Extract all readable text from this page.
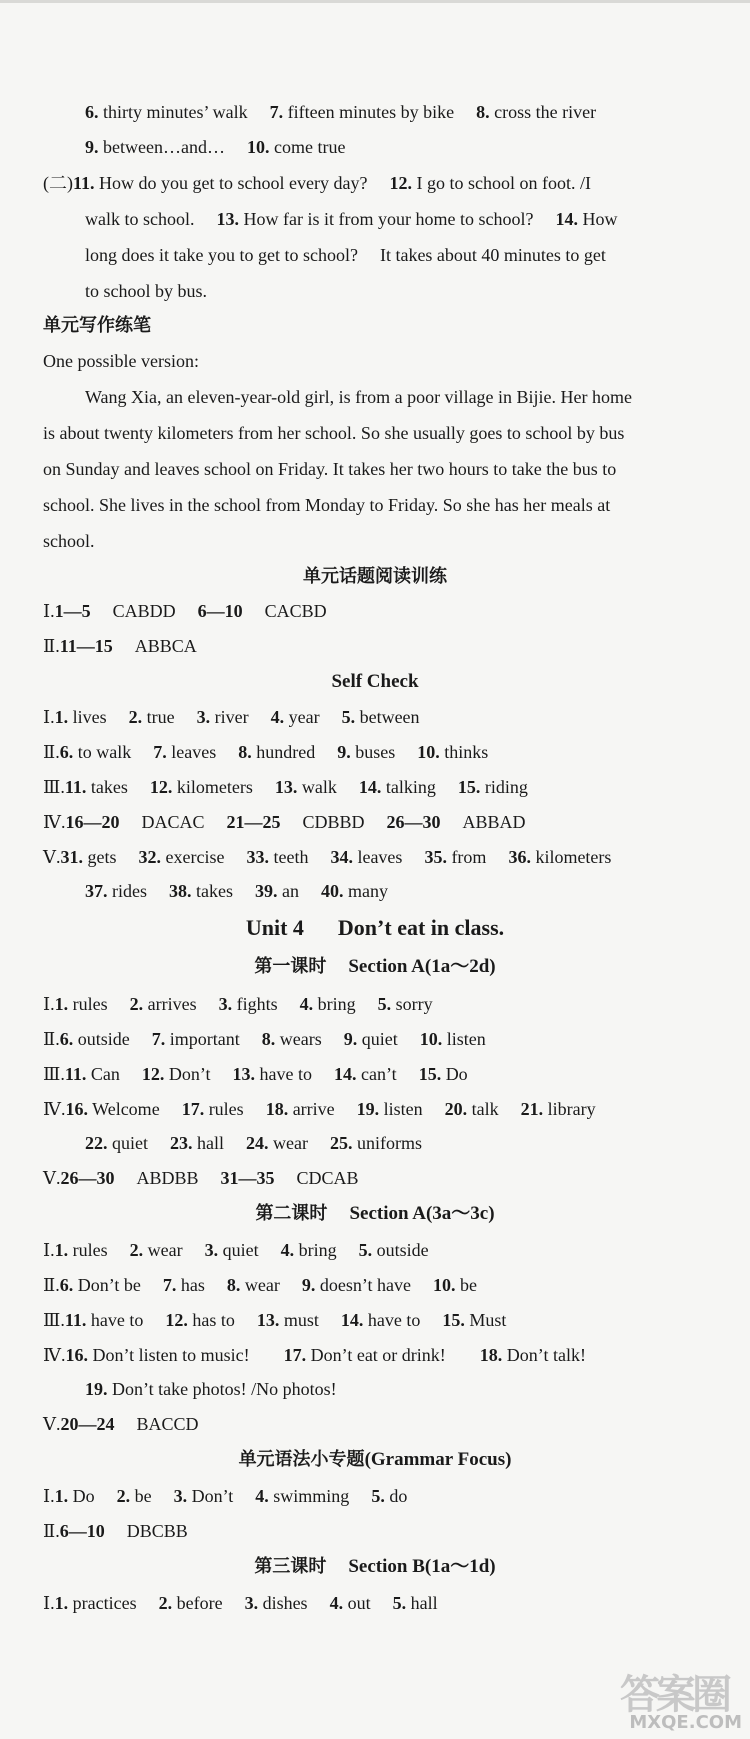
6. thirty minutes’ walk 7. fifteen minutes by bike 8. cross the river
9. between…and… 10. come true
(二)11. How do you get to school every day? 12. I go to school on foot. /I
walk to school. 13. How far is it from your home to school? 14. How
long does it take you to get to school? It takes about 40 minutes to get
to school by bus.
单元写作练笔
One possible version:
Wang Xia, an eleven-year-old girl, is from a poor village in Bijie. Her home
is about twenty kilometers from her school. So she usually goes to school by bus
on Sunday and leaves school on Friday. It takes her two hours to take the bus to
school. She lives in the school from Monday to Friday. So she has her meals at
school.
单元话题阅读训练
Ⅰ.1—5 CABDD 6—10 CACBD
Ⅱ.11—15 ABBCA
Self Check
Ⅰ.1. lives 2. true 3. river 4. year 5. between
Ⅱ.6. to walk 7. leaves 8. hundred 9. buses 10. thinks
Ⅲ.11. takes 12. kilometers 13. walk 14. talking 15. riding
Ⅳ.16—20 DACAC 21—25 CDBBD 26—30 ABBAD
Ⅴ.31. gets 32. exercise 33. teeth 34. leaves 35. from 36. kilometers
37. rides 38. takes 39. an 40. many
Unit 4 Don’t eat in class.
第一课时 Section A(1a～2d)
Ⅰ.1. rules 2. arrives 3. fights 4. bring 5. sorry
Ⅱ.6. outside 7. important 8. wears 9. quiet 10. listen
Ⅲ.11. Can 12. Don’t 13. have to 14. can’t 15. Do
Ⅳ.16. Welcome 17. rules 18. arrive 19. listen 20. talk 21. library
22. quiet 23. hall 24. wear 25. uniforms
Ⅴ.26—30 ABDBB 31—35 CDCAB
第二课时 Section A(3a～3c)
Ⅰ.1. rules 2. wear 3. quiet 4. bring 5. outside
Ⅱ.6. Don’t be 7. has 8. wear 9. doesn’t have 10. be
Ⅲ.11. have to 12. has to 13. must 14. have to 15. Must
Ⅳ.16. Don’t listen to music! 17. Don’t eat or drink! 18. Don’t talk!
19. Don’t take photos! /No photos!
Ⅴ.20—24 BACCD
单元语法小专题(Grammar Focus)
Ⅰ.1. Do 2. be 3. Don’t 4. swimming 5. do
Ⅱ.6—10 DBCBB
第三课时 Section B(1a～1d)
Ⅰ.1. practices 2. before 3. dishes 4. out 5. hall
答案圈
MXQE.COM
